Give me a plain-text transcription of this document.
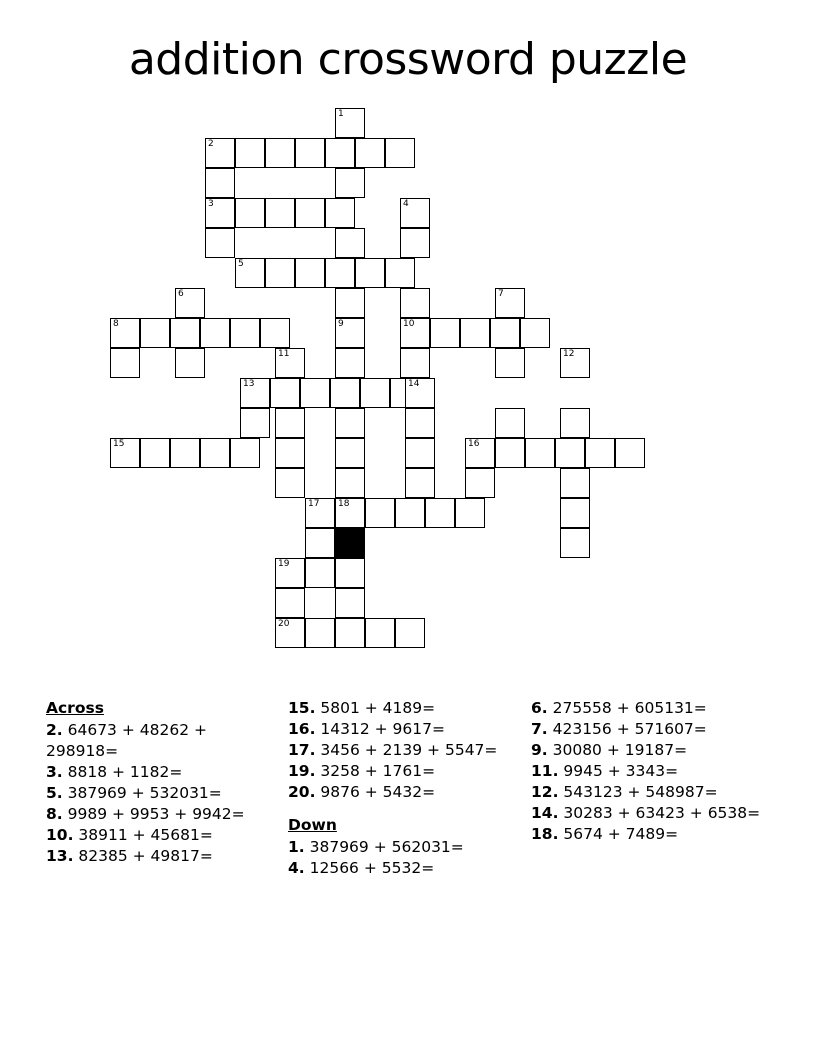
addition crossword puzzle
1
2
3	4
5
6	7
8	9	10
11	12
13	14
15	16
17 18
19
20
Across
2. 64673 + 48262 + 298918=
3. 8818 + 1182=
5. 387969 + 532031=
8. 9989 + 9953 + 9942=
10. 38911 + 45681=
13. 82385 + 49817=
15. 5801 + 4189=
16. 14312 + 9617=
17. 3456 + 2139 + 5547=
19. 3258 + 1761=
20. 9876 + 5432=
Down
1. 387969 + 562031=
4. 12566 + 5532=
6. 275558 + 605131=
7. 423156 + 571607=
9. 30080 + 19187=
11. 9945 + 3343=
12. 543123 + 548987=
14. 30283 + 63423 + 6538=
18. 5674 + 7489=
